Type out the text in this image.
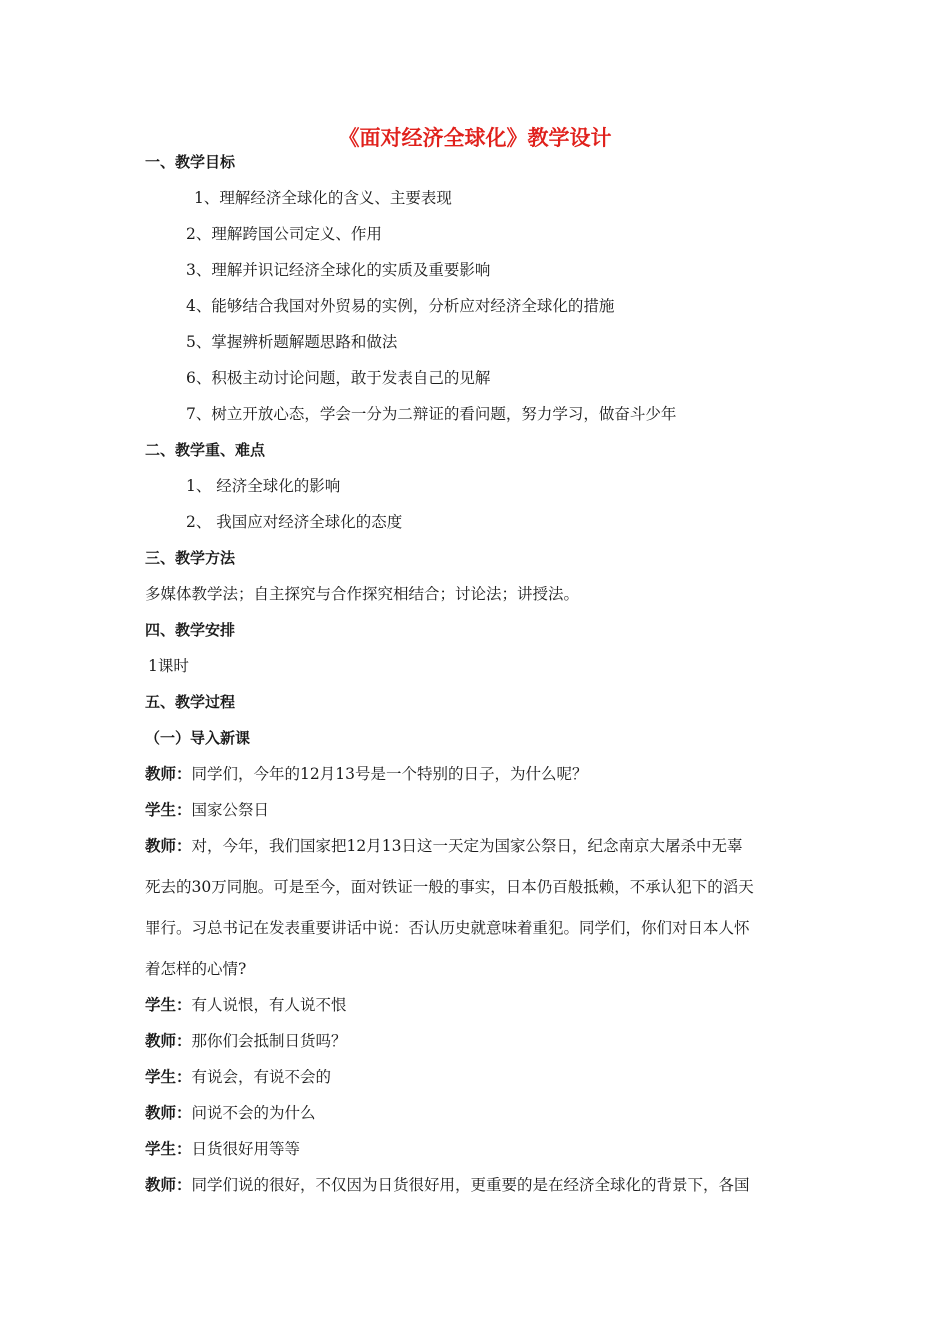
《面对经济全球化》教学设计
一、教学目标
1、理解经济全球化的含义、主要表现
2、理解跨国公司定义、作用
3、理解并识记经济全球化的实质及重要影响
4、能够结合我国对外贸易的实例，分析应对经济全球化的措施
5、掌握辨析题解题思路和做法
6、积极主动讨论问题，敢于发表自己的见解
7、树立开放心态，学会一分为二辩证的看问题，努力学习，做奋斗少年
二、教学重、难点
1、 经济全球化的影响
2、 我国应对经济全球化的态度
三、教学方法
多媒体教学法；自主探究与合作探究相结合；讨论法；讲授法。
四、教学安排
1课时
五、教学过程
（一）导入新课
教师：同学们，今年的12月13号是一个特别的日子，为什么呢？
学生：国家公祭日
教师：对，今年，我们国家把12月13日这一天定为国家公祭日，纪念南京大屠杀中无辜
死去的30万同胞。可是至今，面对铁证一般的事实，日本仍百般抵赖，不承认犯下的滔天
罪行。习总书记在发表重要讲话中说：否认历史就意味着重犯。同学们，你们对日本人怀
着怎样的心情?
学生：有人说恨，有人说不恨
教师：那你们会抵制日货吗？
学生：有说会，有说不会的
教师：问说不会的为什么
学生：日货很好用等等
教师：同学们说的很好，不仅因为日货很好用，更重要的是在经济全球化的背景下，各国
